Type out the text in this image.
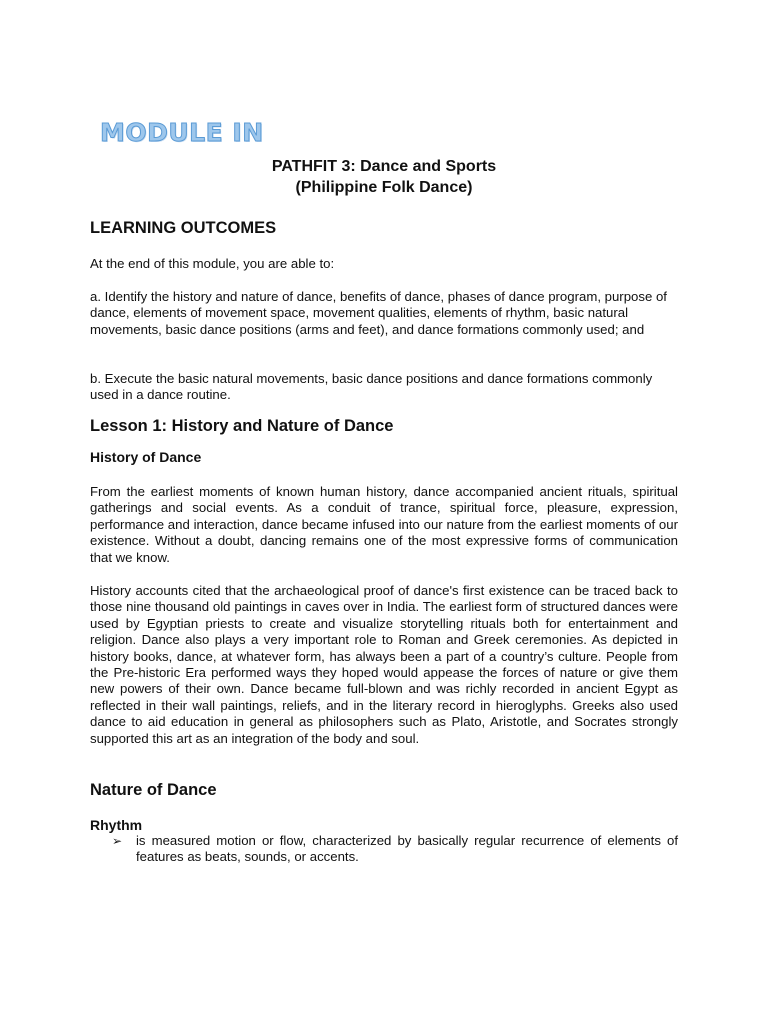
MODULE IN
PATHFIT 3: Dance and Sports
(Philippine Folk Dance)
LEARNING OUTCOMES
At the end of this module, you are able to:
a. Identify the history and nature of dance, benefits of dance, phases of dance program, purpose of dance, elements of movement space, movement qualities, elements of rhythm, basic natural movements, basic dance positions (arms and feet), and dance formations commonly used; and
b. Execute the basic natural movements, basic dance positions and dance formations commonly used in a dance routine.
Lesson 1: History and Nature of Dance
History of Dance
From the earliest moments of known human history, dance accompanied ancient rituals, spiritual gatherings and social events. As a conduit of trance, spiritual force, pleasure, expression, performance and interaction, dance became infused into our nature from the earliest moments of our existence. Without a doubt, dancing remains one of the most expressive forms of communication that we know.
History accounts cited that the archaeological proof of dance's first existence can be traced back to those nine thousand old paintings in caves over in India. The earliest form of structured dances were used by Egyptian priests to create and visualize storytelling rituals both for entertainment and religion. Dance also plays a very important role to Roman and Greek ceremonies. As depicted in history books, dance, at whatever form, has always been a part of a country’s culture. People from the Pre-historic Era performed ways they hoped would appease the forces of nature or give them new powers of their own. Dance became full-blown and was richly recorded in ancient Egypt as reflected in their wall paintings, reliefs, and in the literary record in hieroglyphs. Greeks also used dance to aid education in general as philosophers such as Plato, Aristotle, and Socrates strongly supported this art as an integration of the body and soul.
Nature of Dance
Rhythm
➢	is measured motion or flow, characterized by basically regular recurrence of elements of features as beats, sounds, or accents.
